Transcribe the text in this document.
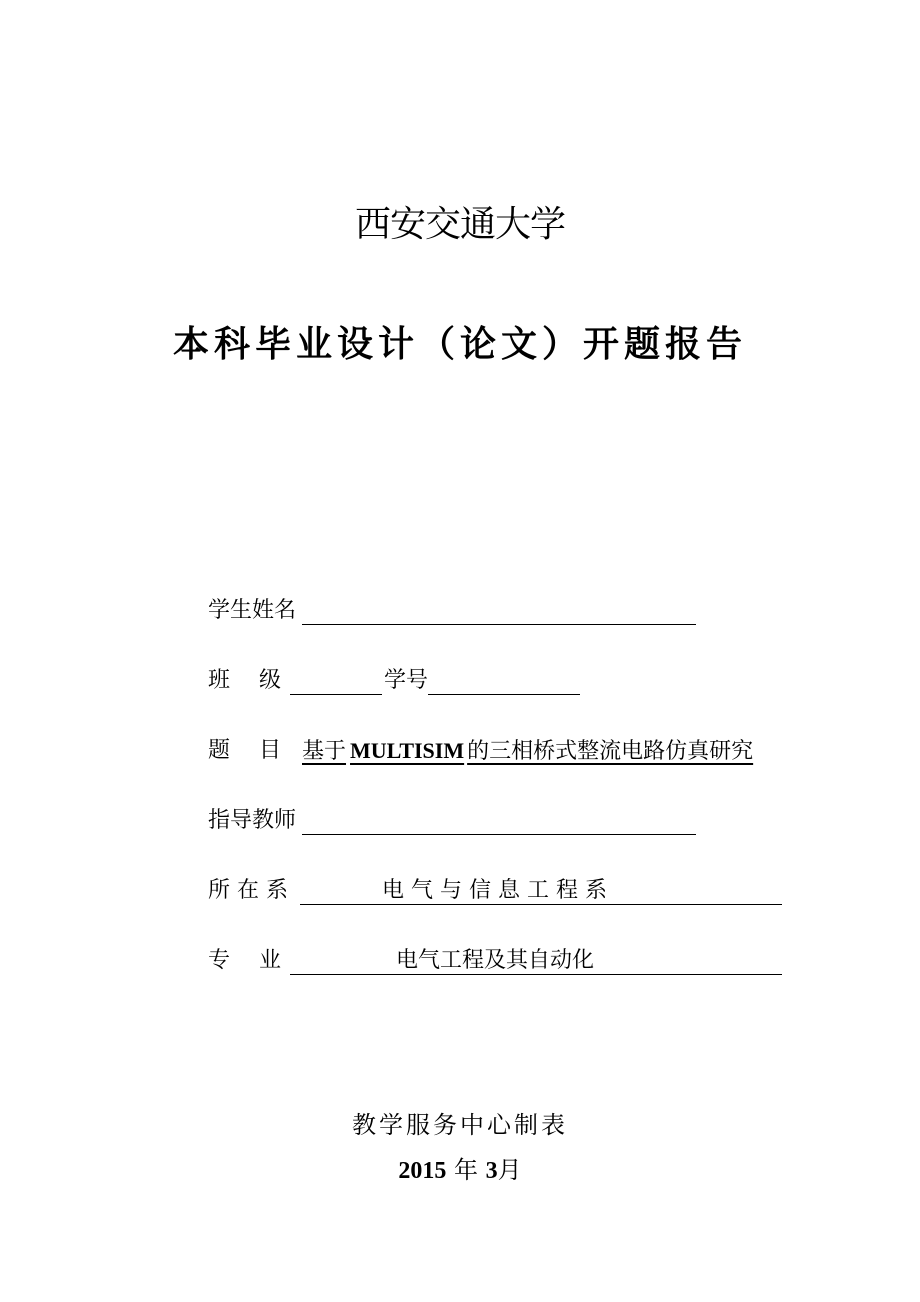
西安交通大学
本科毕业设计（论文）开题报告
学生姓名
班　 级	学号
题　 目 基于 MULTISIM 的三相桥式整流电路仿真研究
指导教师
所 在 系	电 气 与 信 息 工 程 系
专　 业	电气工程及其自动化
教学服务中心制表
2015 年 3月
